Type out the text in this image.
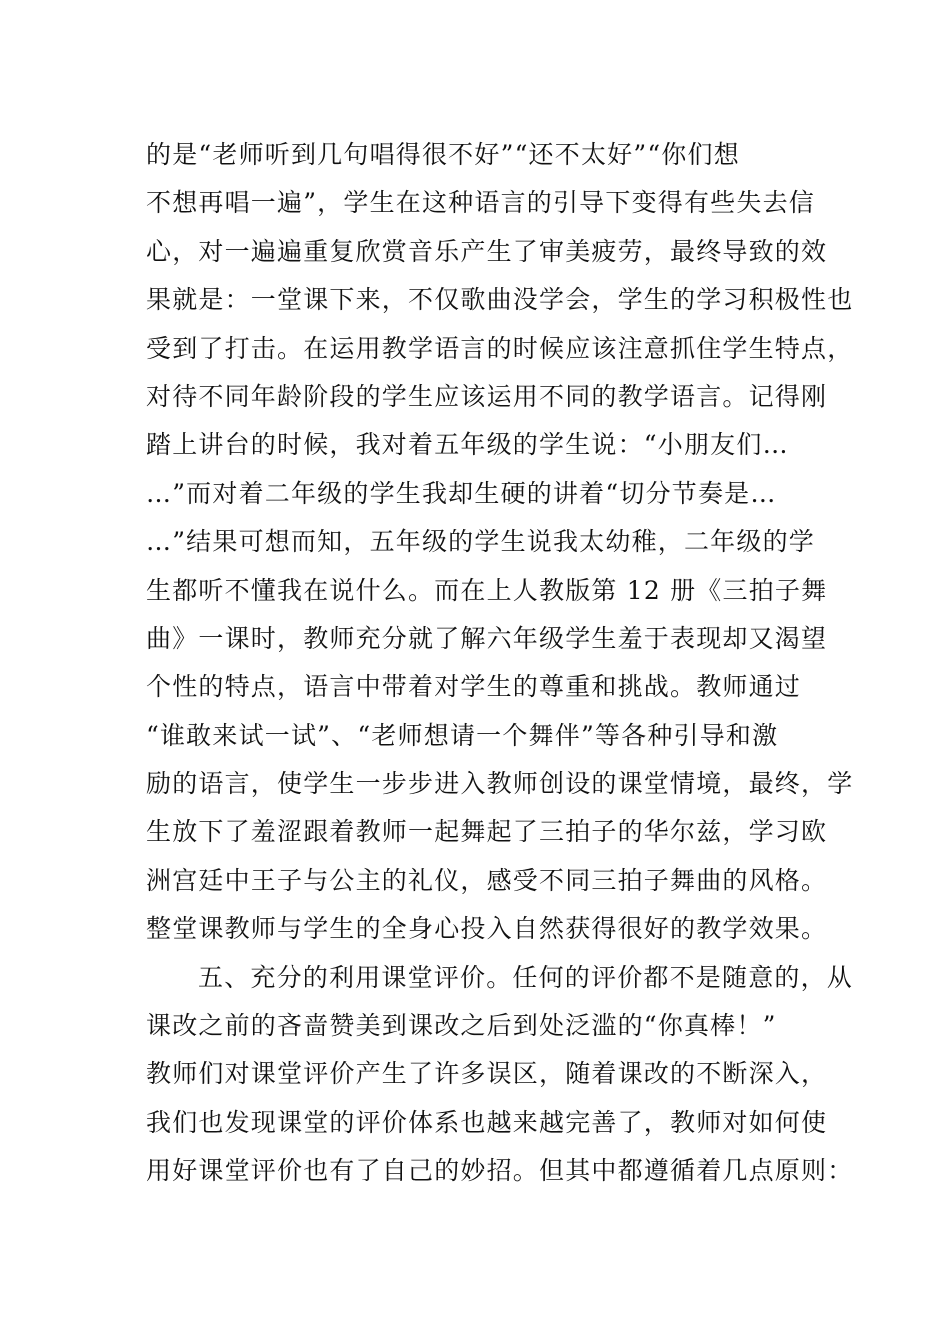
的是“老师听到几句唱得很不好”“还不太好”“你们想
不想再唱一遍”，学生在这种语言的引导下变得有些失去信
心，对一遍遍重复欣赏音乐产生了审美疲劳，最终导致的效
果就是：一堂课下来，不仅歌曲没学会，学生的学习积极性也
受到了打击。在运用教学语言的时候应该注意抓住学生特点，
对待不同年龄阶段的学生应该运用不同的教学语言。记得刚
踏上讲台的时候，我对着五年级的学生说：“小朋友们…
…”而对着二年级的学生我却生硬的讲着“切分节奏是…
…”结果可想而知，五年级的学生说我太幼稚，二年级的学
生都听不懂我在说什么。而在上人教版第 12 册《三拍子舞
曲》一课时，教师充分就了解六年级学生羞于表现却又渴望
个性的特点，语言中带着对学生的尊重和挑战。教师通过
“谁敢来试一试”、“老师想请一个舞伴”等各种引导和激
励的语言，使学生一步步进入教师创设的课堂情境，最终，学
生放下了羞涩跟着教师一起舞起了三拍子的华尔兹，学习欧
洲宫廷中王子与公主的礼仪，感受不同三拍子舞曲的风格。
整堂课教师与学生的全身心投入自然获得很好的教学效果。
五、充分的利用课堂评价。任何的评价都不是随意的，从
课改之前的吝啬赞美到课改之后到处泛滥的“你真棒！”
教师们对课堂评价产生了许多误区，随着课改的不断深入，
我们也发现课堂的评价体系也越来越完善了，教师对如何使
用好课堂评价也有了自己的妙招。但其中都遵循着几点原则：
